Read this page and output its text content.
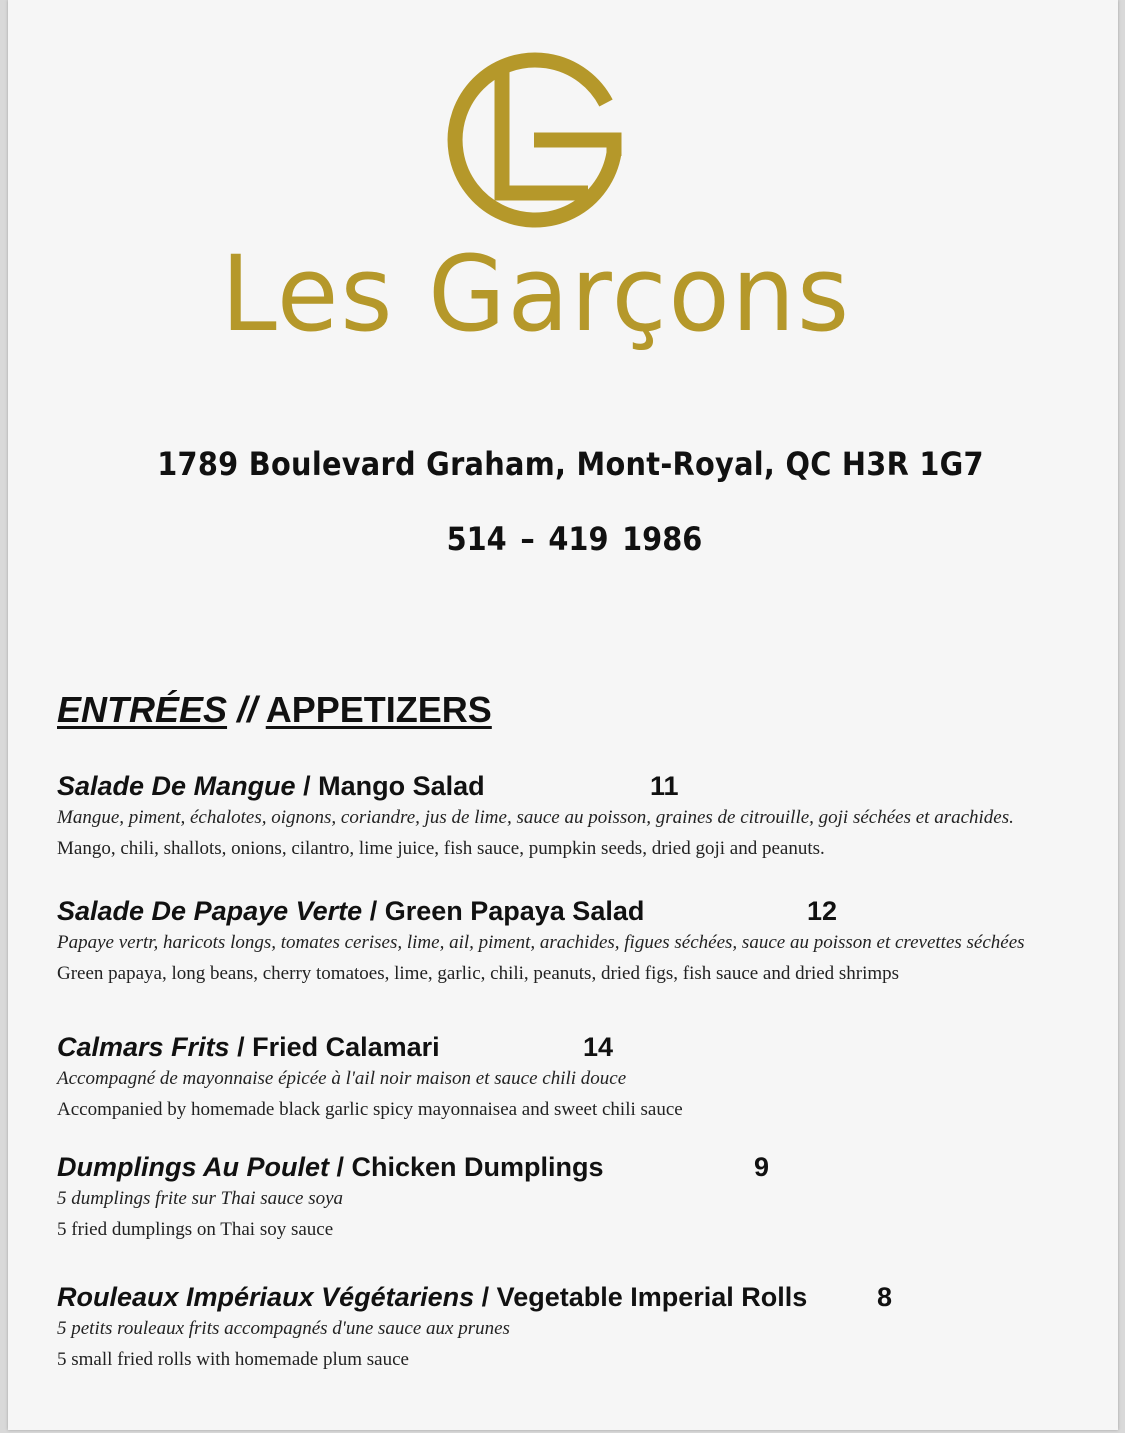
Les Garçons
1789 Boulevard Graham, Mont-Royal, QC H3R 1G7
514 – 419 1986
ENTRÉES // APPETIZERS
Salade De Mangue / Mango Salad	11
Mangue, piment, échalotes, oignons, coriandre, jus de lime, sauce au poisson, graines de citrouille, goji séchées et arachides.
Mango, chili, shallots, onions, cilantro, lime juice, fish sauce, pumpkin seeds, dried goji and peanuts.
Salade De Papaye Verte / Green Papaya Salad	12
Papaye vertr, haricots longs, tomates cerises, lime, ail, piment, arachides, figues séchées, sauce au poisson et crevettes séchées
Green papaya, long beans, cherry tomatoes, lime, garlic, chili, peanuts, dried figs, fish sauce and dried shrimps
Calmars Frits / Fried Calamari	14
Accompagné de mayonnaise épicée à l'ail noir maison et sauce chili douce
Accompanied by homemade black garlic spicy mayonnaisea and sweet chili sauce
Dumplings Au Poulet / Chicken Dumplings	9
5 dumplings frite sur Thai sauce soya
5 fried dumplings on Thai soy sauce
Rouleaux Impériaux Végétariens / Vegetable Imperial Rolls	8
5 petits rouleaux frits accompagnés d'une sauce aux prunes
5 small fried rolls with homemade plum sauce
